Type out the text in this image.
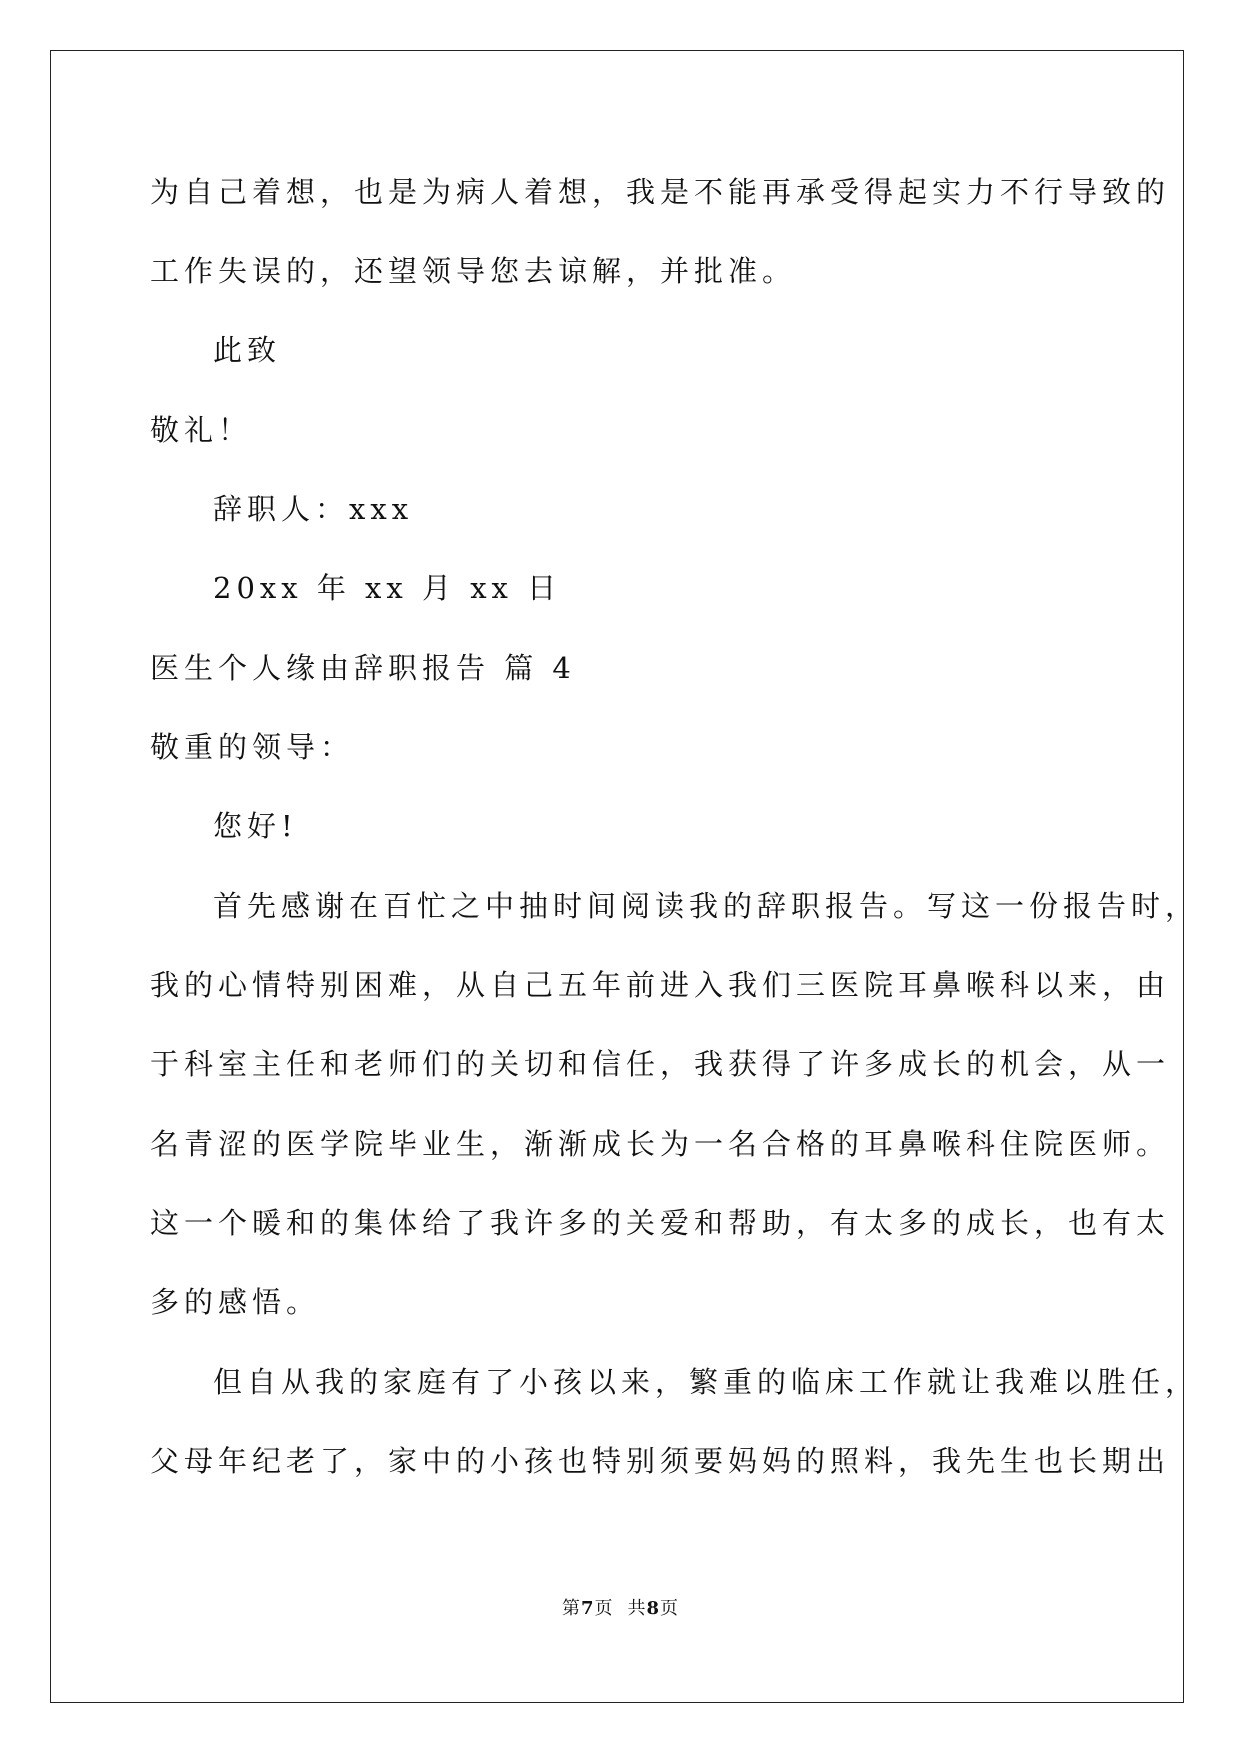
为自己着想，也是为病人着想，我是不能再承受得起实力不行导致的
工作失误的，还望领导您去谅解，并批准。
此致
敬礼！
辞职人：xxx
20xx 年 xx 月 xx 日
医生个人缘由辞职报告 篇 4
敬重的领导：
您好!
首先感谢在百忙之中抽时间阅读我的辞职报告。写这一份报告时，
我的心情特别困难，从自己五年前进入我们三医院耳鼻喉科以来，由
于科室主任和老师们的关切和信任，我获得了许多成长的机会，从一
名青涩的医学院毕业生，渐渐成长为一名合格的耳鼻喉科住院医师。
这一个暖和的集体给了我许多的关爱和帮助，有太多的成长，也有太
多的感悟。
但自从我的家庭有了小孩以来，繁重的临床工作就让我难以胜任，
父母年纪老了，家中的小孩也特别须要妈妈的照料，我先生也长期出
第7页 共8页
